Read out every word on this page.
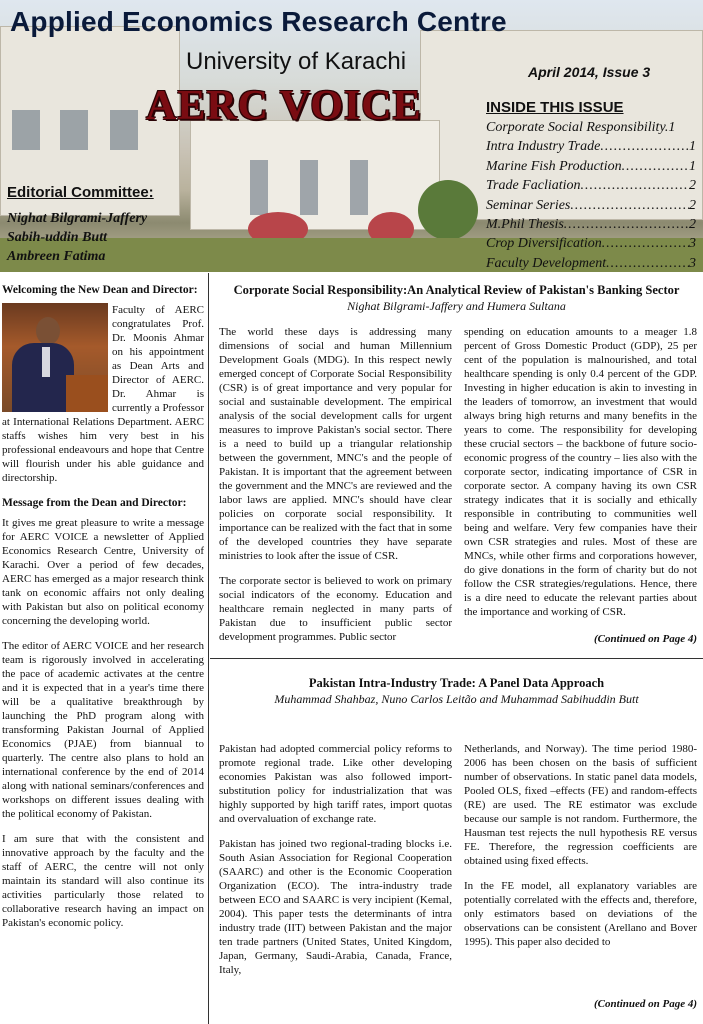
Applied Economics Research Centre
University of Karachi
AERC VOICE
April 2014, Issue 3
INSIDE THIS ISSUE
Corporate Social Responsibility. 1
Intra Industry Trade .....	1
Marine Fish Production .....	1
Trade Facliation .....	2
Seminar Series .....	2
M.Phil Thesis .....	2
Crop Diversification .....	3
Faculty Development .....	3
Editorial Committee:
Nighat Bilgrami-Jaffery
Sabih-uddin Butt
Ambreen Fatima
Welcoming the New Dean and Director:

Faculty of AERC congratulates Prof. Dr. Moonis Ahmar on his appointment as Dean Arts and Director of AERC. Dr. Ahmar is currently a Professor at International Relations Department. AERC staffs wishes him very best in his professional endeavours and hope that Centre will flourish under his able guidance and directorship.

Message from the Dean and Director:

It gives me great pleasure to write a message for AERC VOICE a newsletter of Applied Economics Research Centre, University of Karachi. Over a period of few decades, AERC has emerged as a major research think tank on economic affairs not only dealing with Pakistan but also on political economy concerning the developing world.

The editor of AERC VOICE and her research team is rigorously involved in accelerating the pace of academic activates at the centre and it is expected that in a year's time there will be a qualitative breakthrough by launching the PhD program along with transforming Pakistan Journal of Applied Economics (PJAE) from biannual to quarterly. The centre also plans to hold an international conference by the end of 2014 along with national seminars/conferences and workshops on different issues dealing with the political economy of Pakistan.

I am sure that with the consistent and innovative approach by the faculty and the staff of AERC, the centre will not only maintain its standard will also continue its activities particularly those related to collaborative research having an impact on Pakistan's economic policy.

Corporate Social Responsibility:An Analytical Review of Pakistan's Banking Sector
Nighat Bilgrami-Jaffery and Humera Sultana

The world these days is addressing many dimensions of social and human Millennium Development Goals (MDG). In this respect newly emerged concept of Corporate Social Responsibility (CSR) is of great importance and very popular for social and sustainable development. The empirical analysis of the social development calls for urgent measures to improve Pakistan's social sector. There is a need to build up a triangular relationship between the government, MNC's and the people of Pakistan. It is important that the agreement between the government and the MNC's are reviewed and the labor laws are applied. MNC's should have clear policies on corporate social responsibility. It importance can be realized with the fact that in some of the developed countries they have separate ministries to look after the issue of CSR.

The corporate sector is believed to work on primary social indicators of the economy. Education and healthcare remain neglected in many parts of Pakistan due to insufficient public sector development programmes. Public sector

spending on education amounts to a meager 1.8 percent of Gross Domestic Product (GDP), 25 per cent of the population is malnourished, and total healthcare spending is only 0.4 percent of the GDP. Investing in higher education is akin to investing in the leaders of tomorrow, an investment that would always bring high returns and many benefits in the years to come. The responsibility for developing these crucial sectors – the backbone of future socio-economic progress of the country – lies also with the corporate sector, indicating importance of CSR in corporate sector. A company having its own CSR strategy indicates that it is socially and ethically responsible in contributing to communities well being and welfare. Very few companies have their own CSR strategies and rules. Most of these are MNCs, while other firms and corporations however, do give donations in the form of charity but do not follow the CSR strategies/regulations. Hence, there is a dire need to educate the relevant parties about the importance and working of CSR.

(Continued on Page 4)
Pakistan Intra-Industry Trade: A Panel Data Approach
Muhammad Shahbaz, Nuno Carlos Leitão and Muhammad Sabihuddin Butt

Pakistan had adopted commercial policy reforms to promote regional trade. Like other developing economies Pakistan was also followed import-substitution policy for industrialization that was highly supported by high tariff rates, import quotas and overvaluation of exchange rate.

Pakistan has joined two regional-trading blocks i.e. South Asian Association for Regional Cooperation (SAARC) and other is the Economic Cooperation Organization (ECO). The intra-industry trade between ECO and SAARC is very incipient (Kemal, 2004). This paper tests the determinants of intra industry trade (IIT) between Pakistan and the major ten trade partners (United States, United Kingdom, Japan, Germany, Saudi-Arabia, Canada, France, Italy,

Netherlands, and Norway). The time period 1980-2006 has been chosen on the basis of sufficient number of observations. In static panel data models, Pooled OLS, fixed –effects (FE) and random-effects (RE) are used. The RE estimator was exclude because our sample is not random. Furthermore, the Hausman test rejects the null hypothesis RE versus FE. Therefore, the regression coefficients are obtained using fixed effects.

In the FE model, all explanatory variables are potentially correlated with the effects and, therefore, only estimators based on deviations of the observations can be consistent (Arellano and Bover 1995). This paper also decided to

(Continued on Page 4)
